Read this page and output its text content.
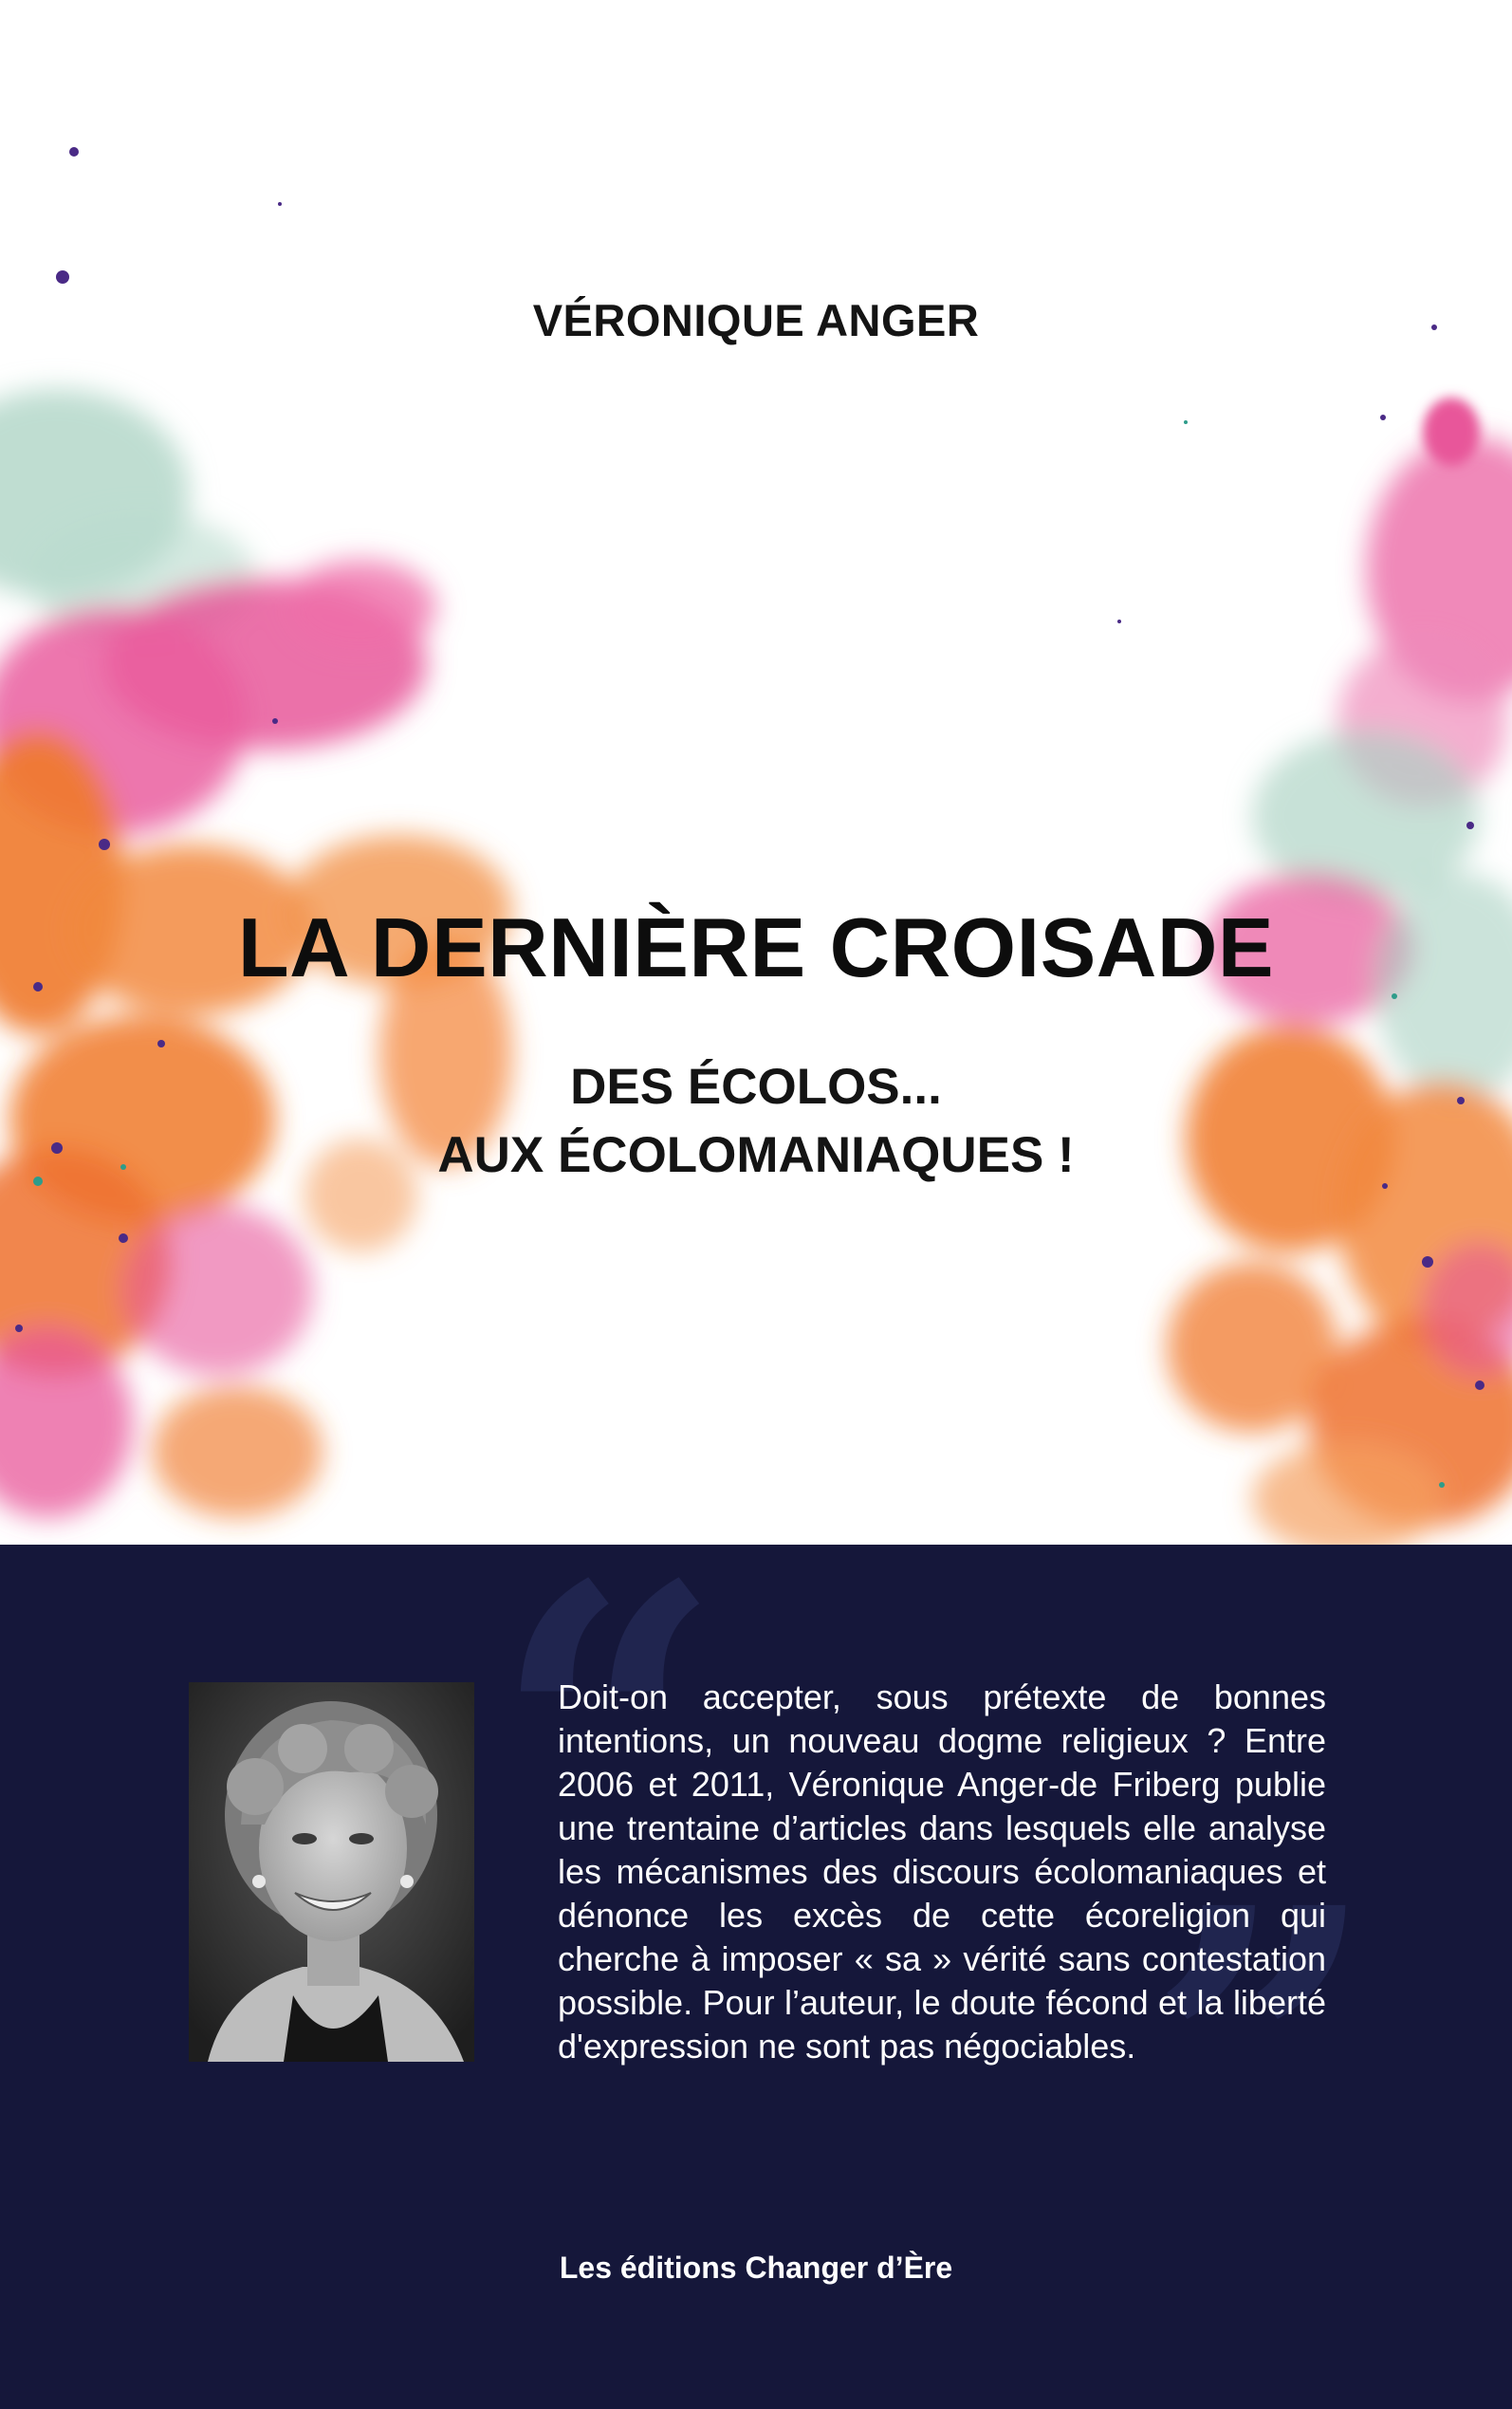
VÉRONIQUE ANGER
LA DERNIÈRE CROISADE
DES ÉCOLOS...
AUX ÉCOLOMANIAQUES !
“
”

Doit-on accepter, sous prétexte de bonnes intentions, un nouveau dogme religieux ? Entre 2006 et 2011, Véronique Anger-de Friberg publie une trentaine d’articles dans lesquels elle analyse les mécanismes des discours écolomaniaques et dénonce les excès de cette écoreligion qui cherche à imposer « sa » vérité sans contestation possible. Pour l’auteur, le doute fécond et la liberté d'expression ne sont pas négociables.

Les éditions Changer d’Ère
